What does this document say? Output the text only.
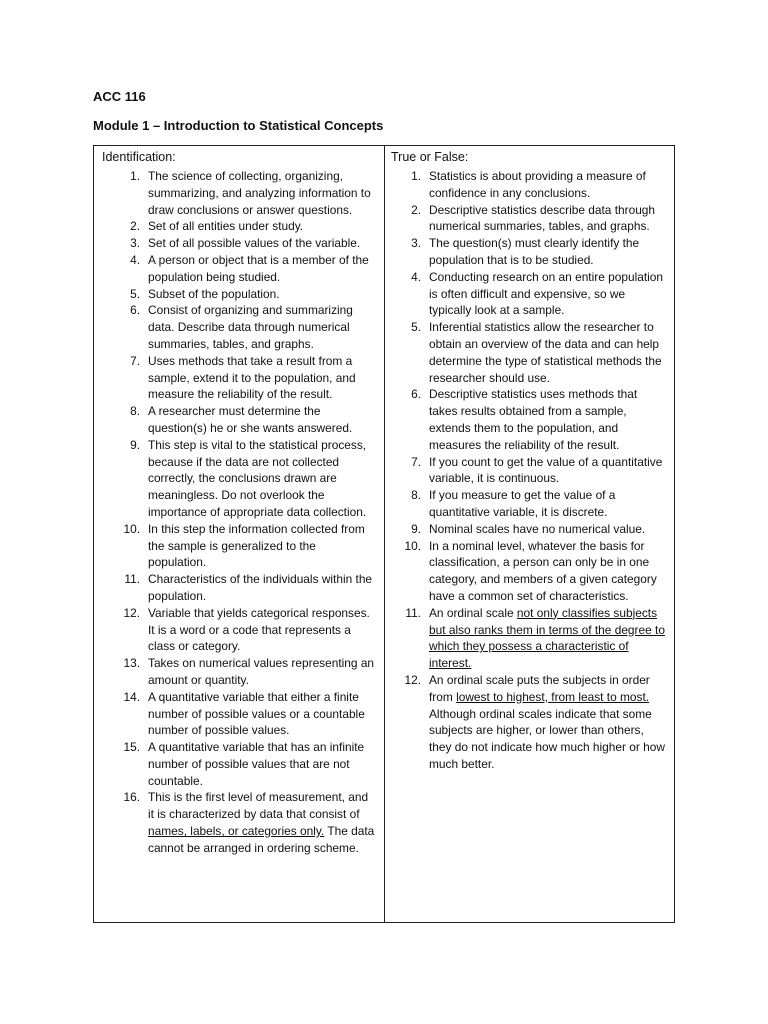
ACC 116

Module 1 – Introduction to Statistical Concepts

Identification:

1. The science of collecting, organizing, summarizing, and analyzing information to draw conclusions or answer questions.
2. Set of all entities under study.
3. Set of all possible values of the variable.
4. A person or object that is a member of the population being studied.
5. Subset of the population.
6. Consist of organizing and summarizing data. Describe data through numerical summaries, tables, and graphs.
7. Uses methods that take a result from a sample, extend it to the population, and measure the reliability of the result.
8. A researcher must determine the question(s) he or she wants answered.
9. This step is vital to the statistical process, because if the data are not collected correctly, the conclusions drawn are meaningless. Do not overlook the importance of appropriate data collection.
10. In this step the information collected from the sample is generalized to the population.
11. Characteristics of the individuals within the population.
12. Variable that yields categorical responses. It is a word or a code that represents a class or category.
13. Takes on numerical values representing an amount or quantity.
14. A quantitative variable that either a finite number of possible values or a countable number of possible values.
15. A quantitative variable that has an infinite number of possible values that are not countable.
16. This is the first level of measurement, and it is characterized by data that consist of names, labels, or categories only. The data cannot be arranged in ordering scheme.

True or False:

1. Statistics is about providing a measure of confidence in any conclusions.
2. Descriptive statistics describe data through numerical summaries, tables, and graphs.
3. The question(s) must clearly identify the population that is to be studied.
4. Conducting research on an entire population is often difficult and expensive, so we typically look at a sample.
5. Inferential statistics allow the researcher to obtain an overview of the data and can help determine the type of statistical methods the researcher should use.
6. Descriptive statistics uses methods that takes results obtained from a sample, extends them to the population, and measures the reliability of the result.
7. If you count to get the value of a quantitative variable, it is continuous.
8. If you measure to get the value of a quantitative variable, it is discrete.
9. Nominal scales have no numerical value.
10. In a nominal level, whatever the basis for classification, a person can only be in one category, and members of a given category have a common set of characteristics.
11. An ordinal scale not only classifies subjects but also ranks them in terms of the degree to which they possess a characteristic of interest.
12. An ordinal scale puts the subjects in order from lowest to highest, from least to most. Although ordinal scales indicate that some subjects are higher, or lower than others, they do not indicate how much higher or how much better.
